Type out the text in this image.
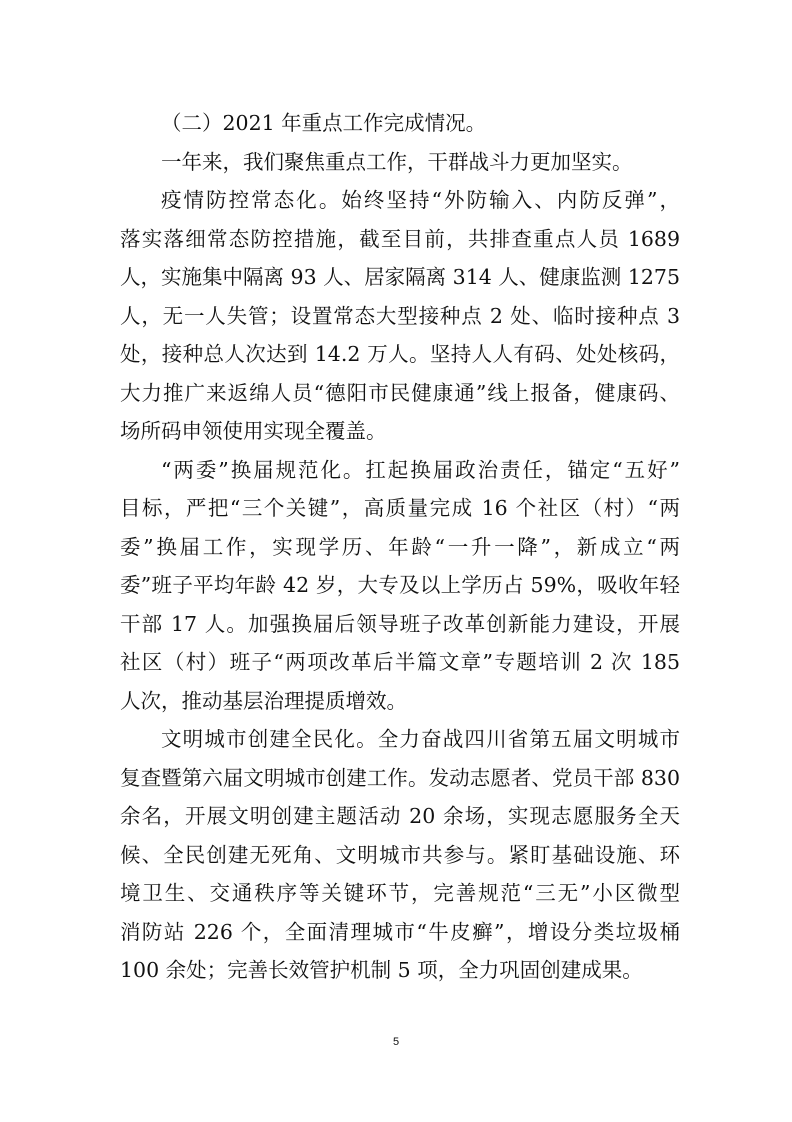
（二）2021 年重点工作完成情况。
一年来，我们聚焦重点工作，干群战斗力更加坚实。
疫情防控常态化。始终坚持“外防输入、内防反弹”，
落实落细常态防控措施，截至目前，共排查重点人员 1689
人，实施集中隔离 93 人、居家隔离 314 人、健康监测 1275
人，无一人失管；设置常态大型接种点 2 处、临时接种点 3
处，接种总人次达到 14.2 万人。坚持人人有码、处处核码，
大力推广来返绵人员“德阳市民健康通”线上报备，健康码、
场所码申领使用实现全覆盖。
“两委”换届规范化。扛起换届政治责任，锚定“五好”
目标，严把“三个关键”，高质量完成 16 个社区（村）“两
委”换届工作，实现学历、年龄“一升一降”，新成立“两
委”班子平均年龄 42 岁，大专及以上学历占 59%，吸收年轻
干部 17 人。加强换届后领导班子改革创新能力建设，开展
社区（村）班子“两项改革后半篇文章”专题培训 2 次 185
人次，推动基层治理提质增效。
文明城市创建全民化。全力奋战四川省第五届文明城市
复查暨第六届文明城市创建工作。发动志愿者、党员干部 830
余名，开展文明创建主题活动 20 余场，实现志愿服务全天
候、全民创建无死角、文明城市共参与。紧盯基础设施、环
境卫生、交通秩序等关键环节，完善规范“三无”小区微型
消防站 226 个，全面清理城市“牛皮癣”，增设分类垃圾桶
100 余处；完善长效管护机制 5 项，全力巩固创建成果。
5
